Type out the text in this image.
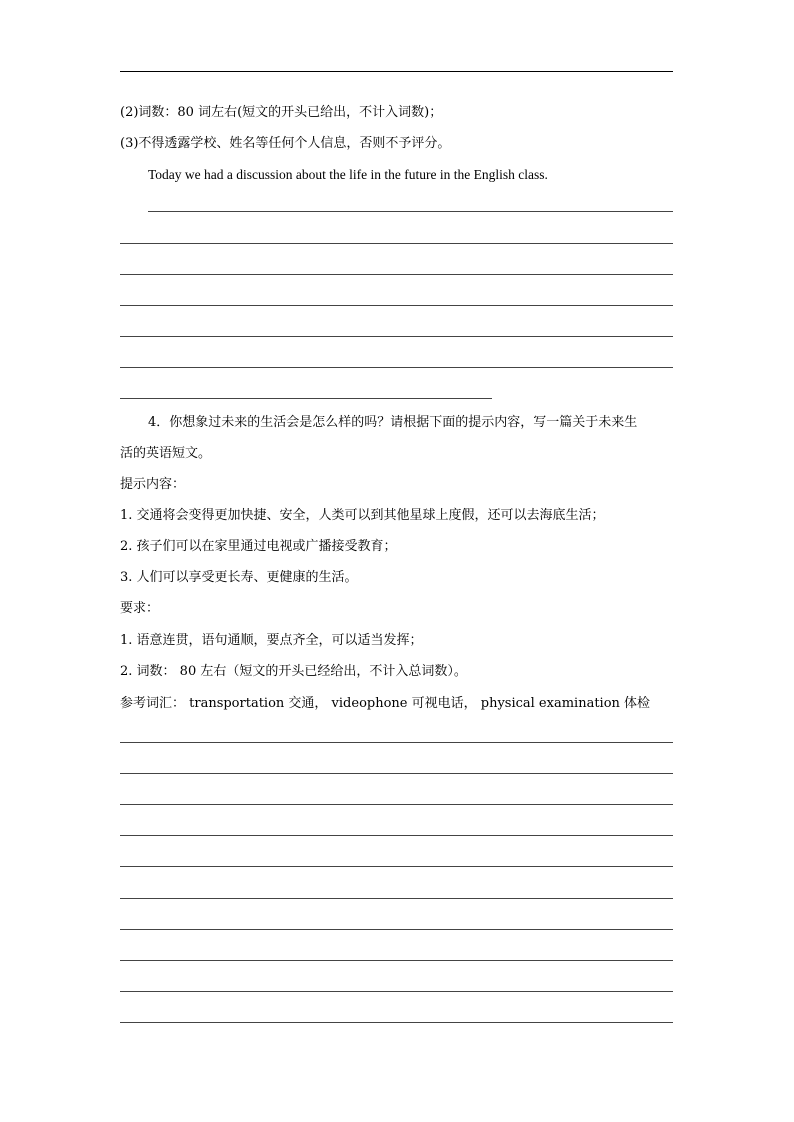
(2)词数：80 词左右(短文的开头已给出，不计入词数)；
(3)不得透露学校、姓名等任何个人信息，否则不予评分。
Today we had a discussion about the life in the future in the English class.
4．你想象过未来的生活会是怎么样的吗？请根据下面的提示内容，写一篇关于未来生
活的英语短文。
提示内容：
1. 交通将会变得更加快捷、安全，人类可以到其他星球上度假，还可以去海底生活；
2. 孩子们可以在家里通过电视或广播接受教育；
3. 人们可以享受更长寿、更健康的生活。
要求：
1. 语意连贯，语句通顺，要点齐全，可以适当发挥；
2. 词数： 80 左右（短文的开头已经给出，不计入总词数）。
参考词汇： transportation 交通， videophone 可视电话， physical examination 体检
